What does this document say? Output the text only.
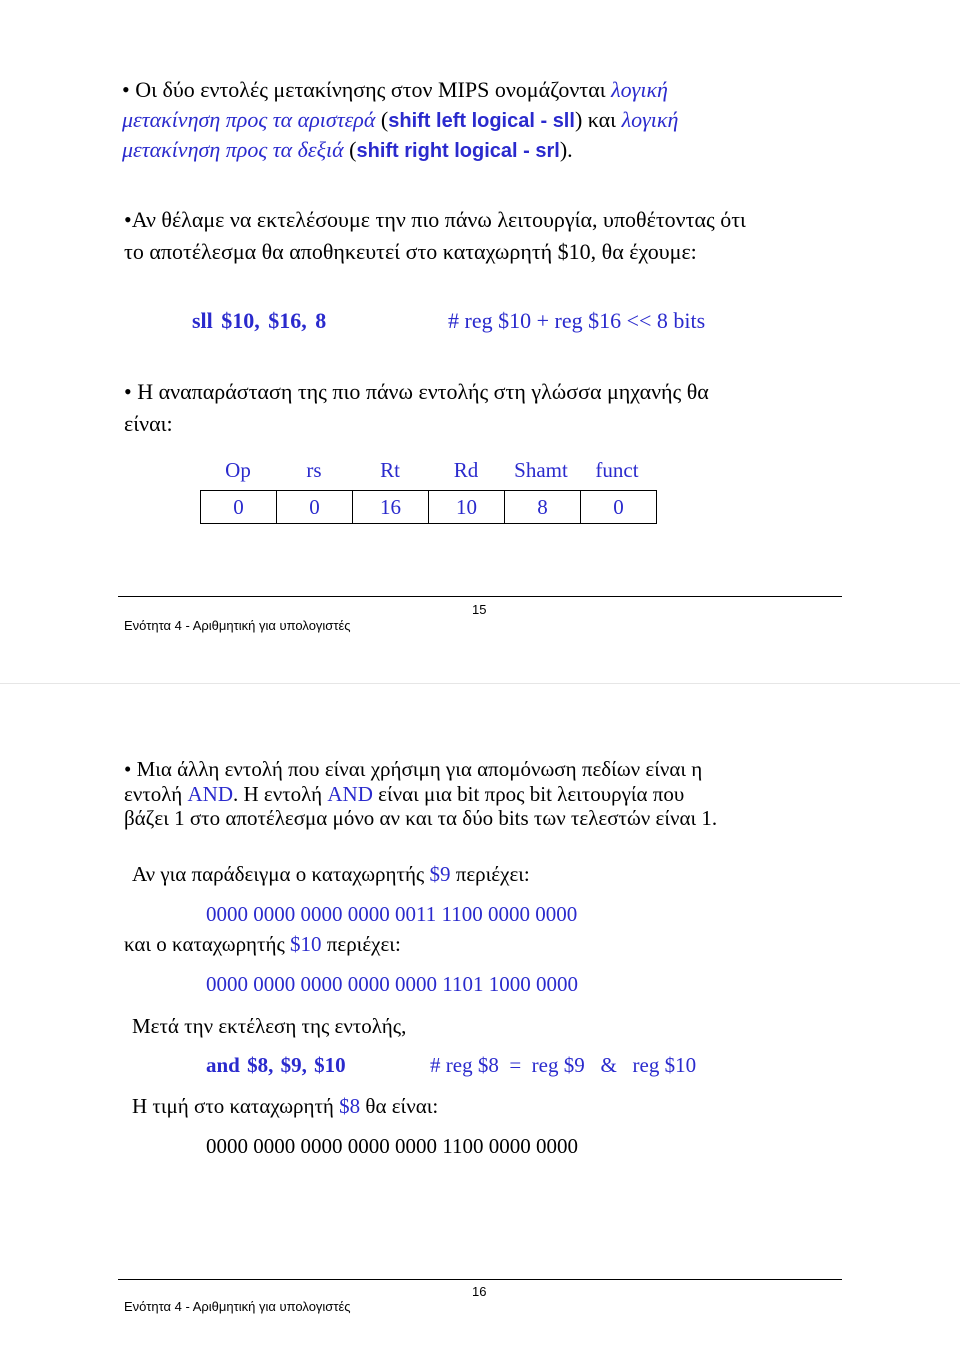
• Οι δύο εντολές μετακίνησης στον MIPS ονομάζονται λογική
μετακίνηση προς τα αριστερά (shift left logical - sll) και λογική
μετακίνηση προς τα δεξιά (shift right logical - srl).
•Αν θέλαμε να εκτελέσουμε την πιο πάνω λειτουργία, υποθέτοντας ότι
το αποτέλεσμα θα αποθηκευτεί στο καταχωρητή $10, θα έχουμε:
sll $10, $16, 8	# reg $10 + reg $16 << 8 bits
• Η αναπαράσταση της πιο πάνω εντολής στη γλώσσα μηχανής θα
είναι:
Op	rs	Rt	Rd	Shamt	funct
0	0	16	10	8	0
Ενότητα 4 - Αριθμητική για υπολογιστές
15
• Μια άλλη εντολή που είναι χρήσιμη για απομόνωση πεδίων είναι η
εντολή AND. Η εντολή AND είναι μια bit προς bit λειτουργία που
βάζει 1 στο αποτέλεσμα μόνο αν και τα δύο bits των τελεστών είναι 1.
Αν για παράδειγμα ο καταχωρητής $9 περιέχει:
0000 0000 0000 0000 0011 1100 0000 0000
και ο καταχωρητής $10 περιέχει:
0000 0000 0000 0000 0000 1101 1000 0000
Μετά την εκτέλεση της εντολής,
and $8, $9, $10	# reg $8  =  reg $9   &   reg $10
Η τιμή στο καταχωρητή $8 θα είναι:
0000 0000 0000 0000 0000 1100 0000 0000
Ενότητα 4 - Αριθμητική για υπολογιστές
16
